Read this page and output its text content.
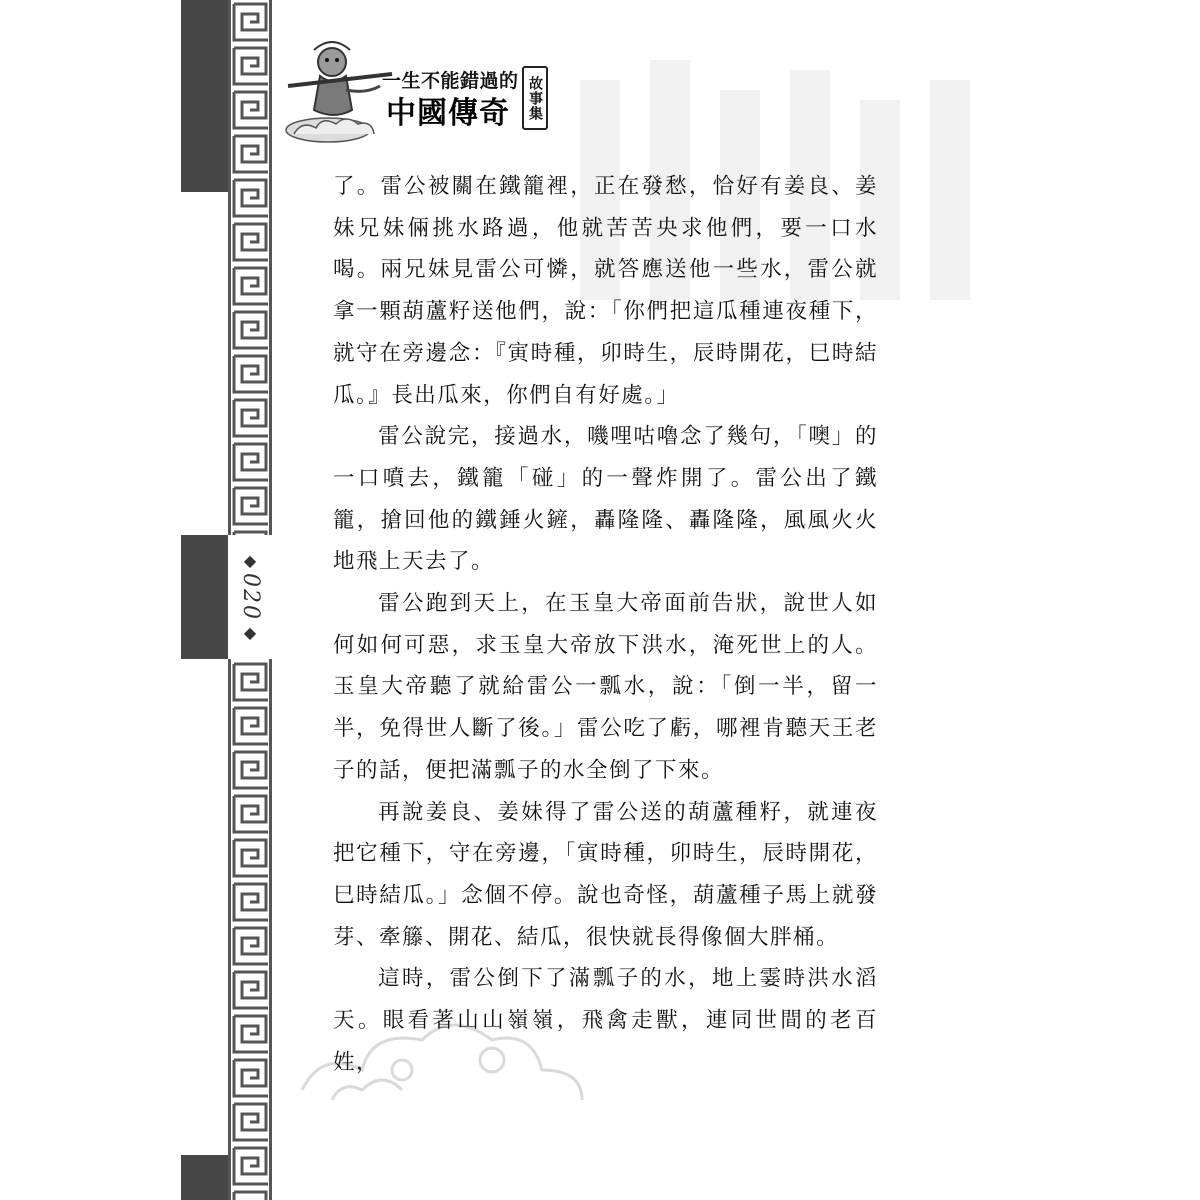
◆
020
◆
一生不能錯過的
中國傳奇	故事集

了。雷公被關在鐵籠裡，正在發愁，恰好有姜良、姜妹兄妹倆挑水路過，他就苦苦央求他們，要一口水喝。兩兄妹見雷公可憐，就答應送他一些水，雷公就拿一顆葫蘆籽送他們，說：「你們把這瓜種連夜種下，就守在旁邊念：『寅時種，卯時生，辰時開花，巳時結瓜。』長出瓜來，你們自有好處。」

雷公說完，接過水，嘰哩咕嚕念了幾句，「噢」的一口噴去，鐵籠「碰」的一聲炸開了。雷公出了鐵籠，搶回他的鐵錘火鏟，轟隆隆、轟隆隆，風風火火地飛上天去了。

雷公跑到天上，在玉皇大帝面前告狀，說世人如何如何可惡，求玉皇大帝放下洪水，淹死世上的人。玉皇大帝聽了就給雷公一瓢水，說：「倒一半，留一半，免得世人斷了後。」雷公吃了虧，哪裡肯聽天王老子的話，便把滿瓢子的水全倒了下來。

再說姜良、姜妹得了雷公送的葫蘆種籽，就連夜把它種下，守在旁邊，「寅時種，卯時生，辰時開花，巳時結瓜。」念個不停。說也奇怪，葫蘆種子馬上就發芽、牽籐、開花、結瓜，很快就長得像個大胖桶。

這時，雷公倒下了滿瓢子的水，地上霎時洪水滔天。眼看著山山嶺嶺，飛禽走獸，連同世間的老百姓，
